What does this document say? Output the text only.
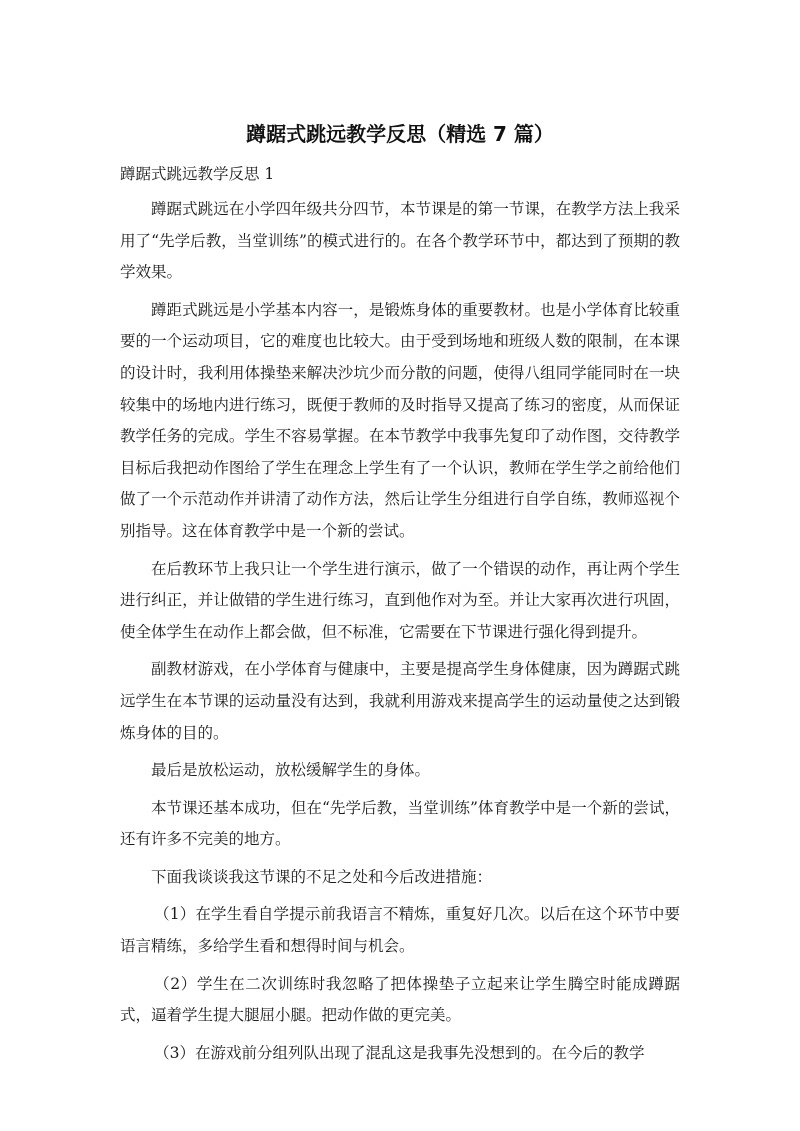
蹲踞式跳远教学反思（精选 7 篇）

蹲踞式跳远教学反思 1

蹲踞式跳远在小学四年级共分四节，本节课是的第一节课，在教学方法上我采用了“先学后教，当堂训练”的模式进行的。在各个教学环节中，都达到了预期的教学效果。

蹲距式跳远是小学基本内容一，是锻炼身体的重要教材。也是小学体育比较重要的一个运动项目，它的难度也比较大。由于受到场地和班级人数的限制，在本课的设计时，我利用体操垫来解决沙坑少而分散的问题，使得八组同学能同时在一块较集中的场地内进行练习，既便于教师的及时指导又提高了练习的密度，从而保证教学任务的完成。学生不容易掌握。在本节教学中我事先复印了动作图，交待教学目标后我把动作图给了学生在理念上学生有了一个认识，教师在学生学之前给他们做了一个示范动作并讲清了动作方法，然后让学生分组进行自学自练，教师巡视个别指导。这在体育教学中是一个新的尝试。

在后教环节上我只让一个学生进行演示，做了一个错误的动作，再让两个学生进行纠正，并让做错的学生进行练习，直到他作对为至。并让大家再次进行巩固，使全体学生在动作上都会做，但不标准，它需要在下节课进行强化得到提升。

副教材游戏，在小学体育与健康中，主要是提高学生身体健康，因为蹲踞式跳远学生在本节课的运动量没有达到，我就利用游戏来提高学生的运动量使之达到锻炼身体的目的。

最后是放松运动，放松缓解学生的身体。

本节课还基本成功，但在“先学后教，当堂训练”体育教学中是一个新的尝试，还有许多不完美的地方。

下面我谈谈我这节课的不足之处和今后改进措施：

（1）在学生看自学提示前我语言不精炼，重复好几次。以后在这个环节中要语言精练，多给学生看和想得时间与机会。

（2）学生在二次训练时我忽略了把体操垫子立起来让学生腾空时能成蹲踞式，逼着学生提大腿屈小腿。把动作做的更完美。

（3）在游戏前分组列队出现了混乱这是我事先没想到的。在今后的教学
